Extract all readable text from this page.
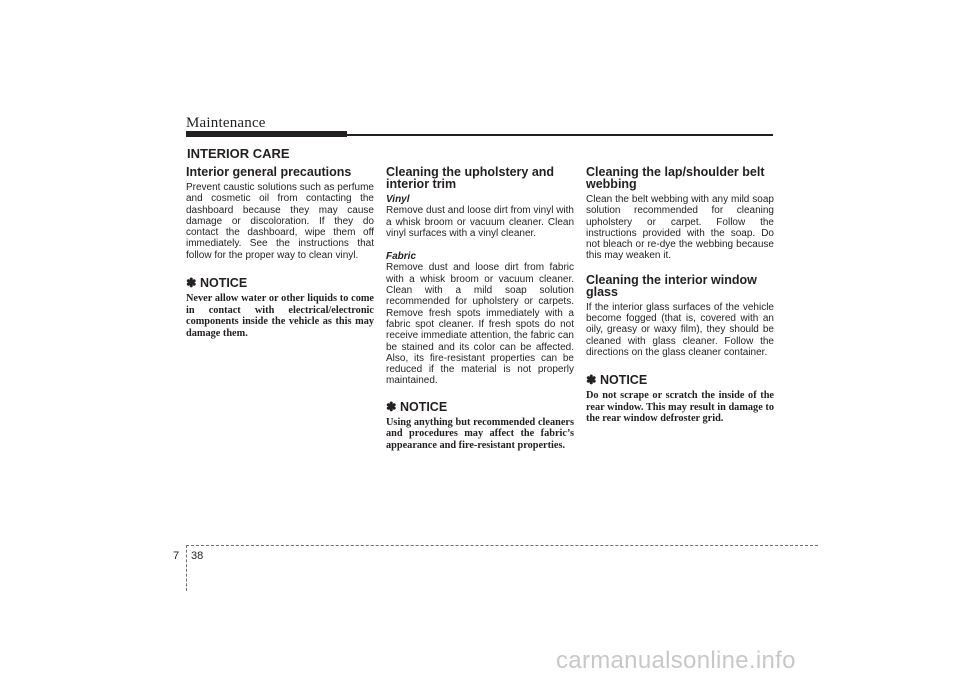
Maintenance
INTERIOR CARE
Interior general precautions

Prevent caustic solutions such as perfume and cosmetic oil from contacting the dashboard because they may cause damage or discoloration. If they do contact the dashboard, wipe them off immediately. See the instructions that follow for the proper way to clean vinyl.

✽ NOTICE

Never allow water or other liquids to come in contact with electrical/electronic components inside the vehicle as this may damage them.

Cleaning the upholstery and interior trim
Vinyl

Remove dust and loose dirt from vinyl with a whisk broom or vacuum cleaner. Clean vinyl surfaces with a vinyl cleaner.

Fabric

Remove dust and loose dirt from fabric with a whisk broom or vacuum cleaner. Clean with a mild soap solution recommended for upholstery or carpets. Remove fresh spots immediately with a fabric spot cleaner. If fresh spots do not receive immediate attention, the fabric can be stained and its color can be affected. Also, its fire-resistant properties can be reduced if the material is not properly maintained.

✽ NOTICE

Using anything but recommended cleaners and procedures may affect the fabric’s appearance and fire-resistant properties.

Cleaning the lap/shoulder belt webbing

Clean the belt webbing with any mild soap solution recommended for cleaning upholstery or carpet. Follow the instructions provided with the soap. Do not bleach or re-dye the webbing because this may weaken it.

Cleaning the interior window glass

If the interior glass surfaces of the vehicle become fogged (that is, covered with an oily, greasy or waxy film), they should be cleaned with glass cleaner. Follow the directions on the glass cleaner container.

✽ NOTICE

Do not scrape or scratch the inside of the rear window. This may result in damage to the rear window defroster grid.

7 38
carmanualsonline.info
